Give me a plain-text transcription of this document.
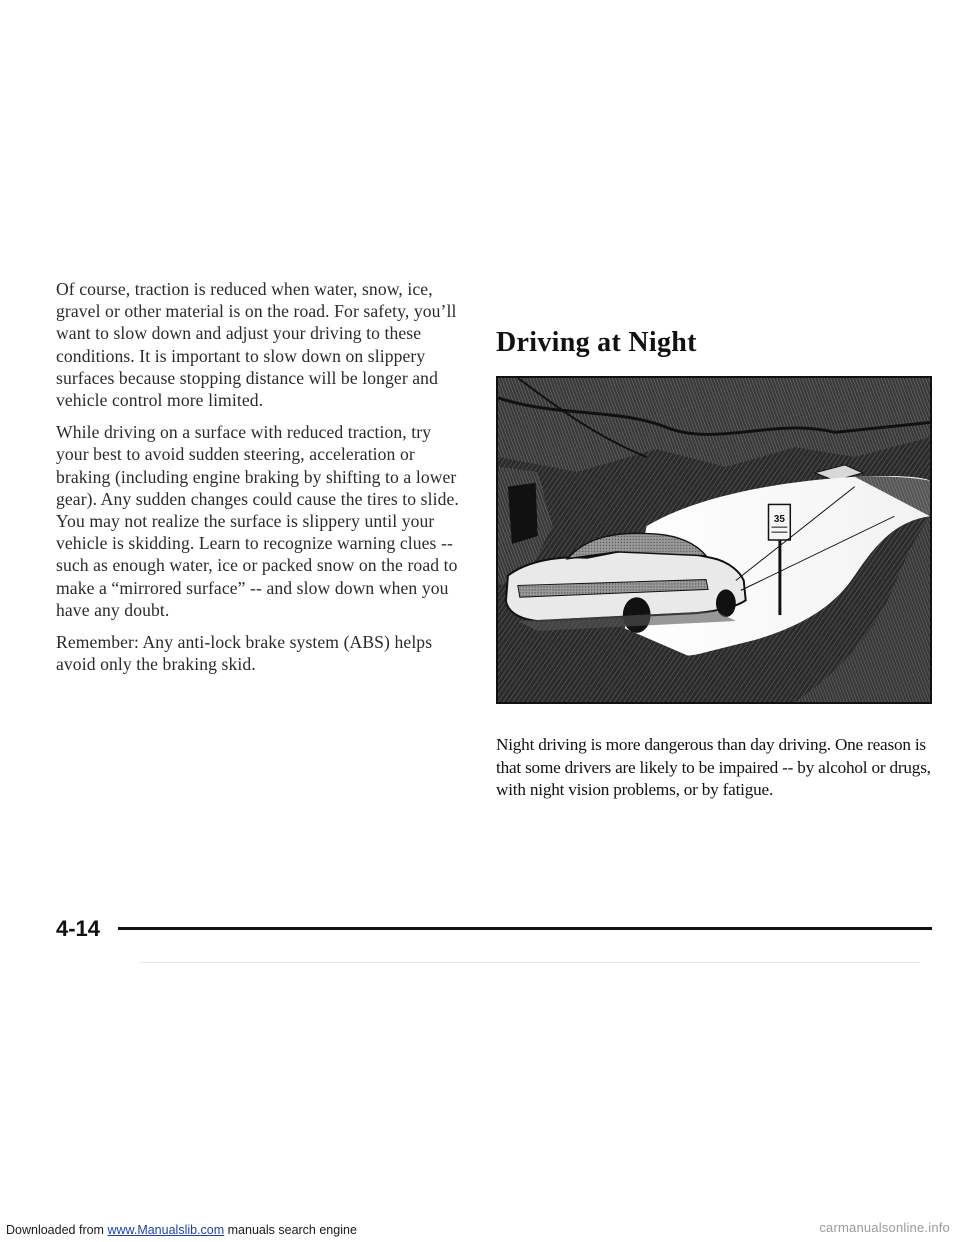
Of course, traction is reduced when water, snow, ice, gravel or other material is on the road. For safety, you’ll want to slow down and adjust your driving to these conditions. It is important to slow down on slippery surfaces because stopping distance will be longer and vehicle control more limited.

While driving on a surface with reduced traction, try your best to avoid sudden steering, acceleration or braking (including engine braking by shifting to a lower gear). Any sudden changes could cause the tires to slide. You may not realize the surface is slippery until your vehicle is skidding. Learn to recognize warning clues -- such as enough water, ice or packed snow on the road to make a “mirrored surface” -- and slow down when you have any doubt.

Remember: Any anti-lock brake system (ABS) helps avoid only the braking skid.

Driving at Night
35

Night driving is more dangerous than day driving. One reason is that some drivers are likely to be impaired -- by alcohol or drugs, with night vision problems, or by fatigue.

4-14
Downloaded from www.Manualslib.com manuals search engine	carmanualsonline.info
